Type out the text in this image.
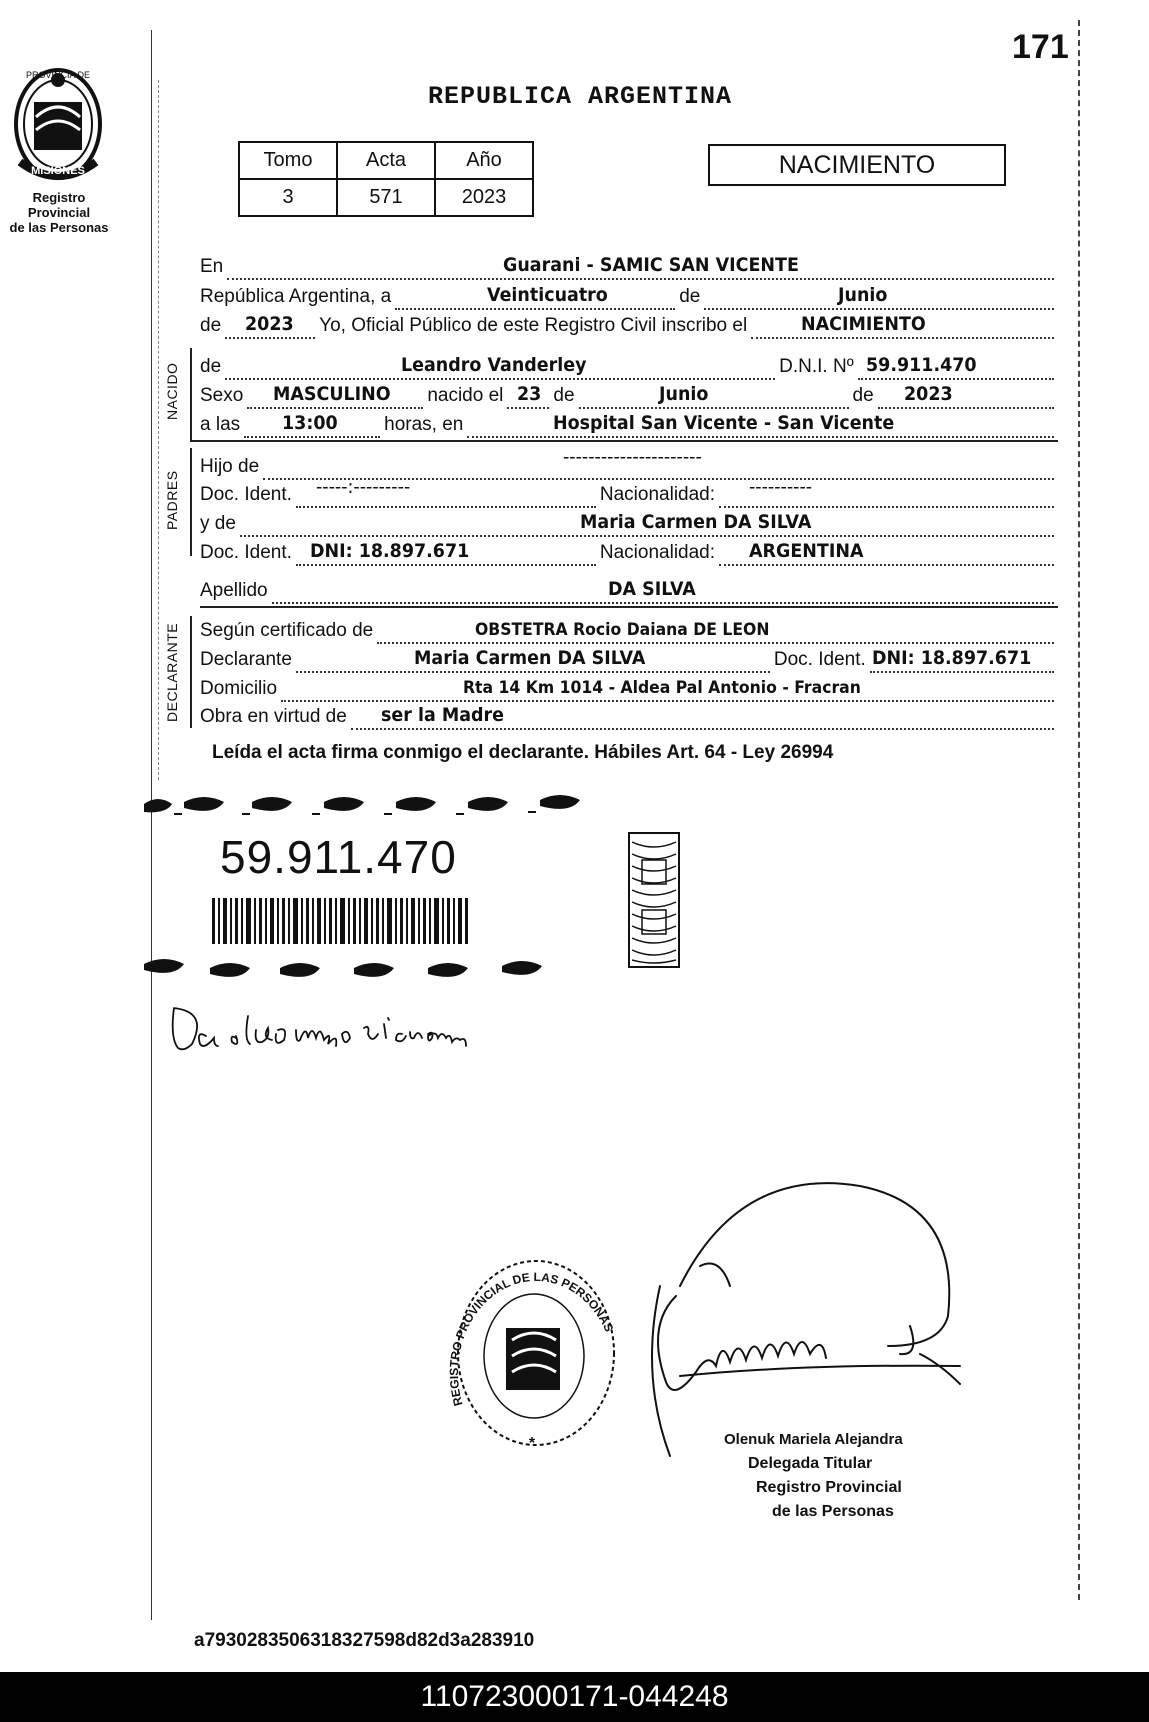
171
PROVINCIA DE
MISIONES
Registro Provincial
de las Personas
REPUBLICA ARGENTINA
Tomo	Acta	Año
3	571	2023
NACIMIENTO
En	Guarani - SAMIC SAN VICENTE
República Argentina, a	Veinticuatro	de	Junio
de 2023 Yo, Oficial Público de este Registro Civil inscribo el	NACIMIENTO
NACIDO de	Leandro Vanderley	D.N.I. Nº 59.911.470
Sexo MASCULINO nacido el 23 de	Junio	de 2023
a las 13:00 horas, en	Hospital San Vicente - San Vicente
PADRES
Hijo de	----------------------
Doc. Ident. -----:---------	Nacionalidad: ----------
y de	Maria Carmen DA SILVA
Doc. Ident. DNI: 18.897.671	Nacionalidad: ARGENTINA
Apellido	DA SILVA
DECLARANTE Según certificado de	OBSTETRA Rocio Daiana DE LEON
Declarante	Maria Carmen DA SILVA	Doc. Ident. DNI: 18.897.671
Domicilio	Rta 14 Km 1014 - Aldea Pal Antonio - Fracran
Obra en virtud de ser la Madre
Leída el acta firma conmigo el declarante. Hábiles Art. 64 - Ley 26994
59.911.470
Da silva maria carmen
REGISTRO PROVINCIAL DE LAS PERSONAS
*	Olenuk Mariela Alejandra
Delegada Titular
Registro Provincial
de las Personas
a79302835063183275​98d82d3a283910
110723000171-044248
